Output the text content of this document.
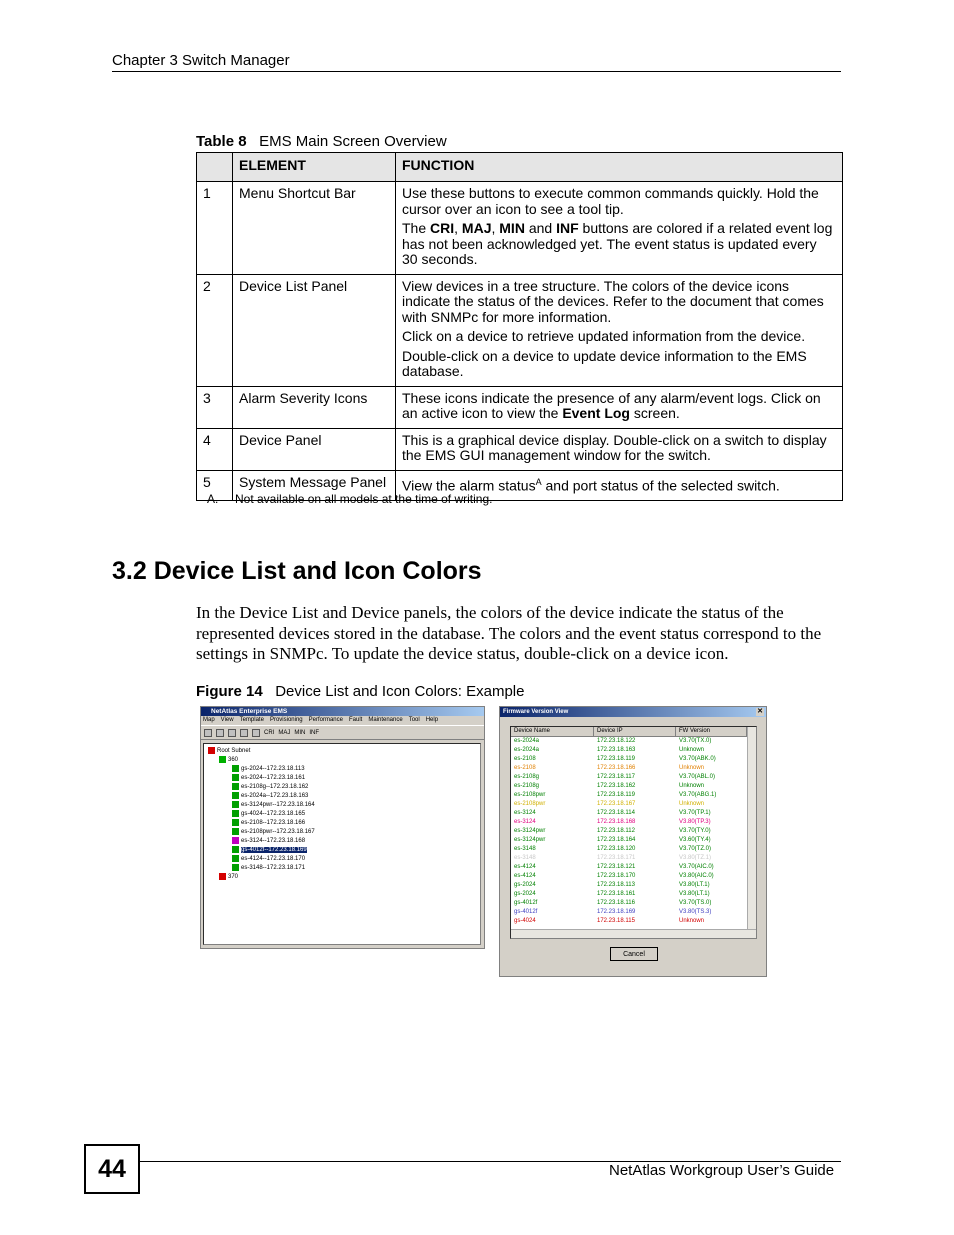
Chapter 3 Switch Manager
Table 8 EMS Main Screen Overview
	ELEMENT	FUNCTION
1	Menu Shortcut Bar	Use these buttons to execute common commands quickly. Hold the cursor over an icon to see a tool tip.

The CRI, MAJ, MIN and INF buttons are colored if a related event log has not been acknowledged yet. The event status is updated every 30 seconds.

2	Device List Panel	View devices in a tree structure. The colors of the device icons indicate the status of the devices. Refer to the document that comes with SNMPc for more information.

Click on a device to retrieve updated information from the device.

Double-click on a device to update device information to the EMS database.

3	Alarm Severity Icons	These icons indicate the presence of any alarm/event logs. Click on an active icon to view the Event Log screen.

4	Device Panel	This is a graphical device display. Double-click on a switch to display the EMS GUI management window for the switch.

5	System Message Panel	View the alarm status$^A$ and port status of the selected switch.

A. Not available on all models at the time of writing.
3.2 Device List and Icon Colors
In the Device List and Device panels, the colors of the device indicate the status of the represented devices stored in the database. The colors and the event status correspond to the settings in SNMPc. To update the device status, double-click on a device icon.
Figure 14 Device List and Icon Colors: Example
NetAtlas Enterprise EMS
Map View Template Provisioning Performance Fault Maintenance Tool Help
CRI MAJ MIN INF
Root Subnet
360
gs-2024--172.23.18.113
es-2024--172.23.18.161
es-2108g--172.23.18.162
es-2024a--172.23.18.163
es-3124pwr--172.23.18.164
gs-4024--172.23.18.165
es-2108--172.23.18.166
es-2108pwr--172.23.18.167
es-3124--172.23.18.168
gs-4012f--172.23.18.169
es-4124--172.23.18.170
es-3148--172.23.18.171
370
Firmware Version View	✕
Device Name	Device IP	FW Version
es-2024a	172.23.18.122	V3.70(TX.0)
es-2024a	172.23.18.163	Unknown
es-2108	172.23.18.119	V3.70(ABK.0)
es-2108	172.23.18.166	Unknown
es-2108g	172.23.18.117	V3.70(ABL.0)
es-2108g	172.23.18.162	Unknown
es-2108pwr	172.23.18.119	V3.70(ABG.1)
es-2108pwr	172.23.18.167	Unknown
es-3124	172.23.18.114	V3.70(TP.1)
es-3124	172.23.18.168	V3.80(TP.3)
es-3124pwr	172.23.18.112	V3.70(TY.0)
es-3124pwr	172.23.18.164	V3.60(TY.4)
es-3148	172.23.18.120	V3.70(TZ.0)
es-3148	172.23.18.171	V3.80(TZ.1)
es-4124	172.23.18.121	V3.70(AIC.0)
es-4124	172.23.18.170	V3.80(AIC.0)
gs-2024	172.23.18.113	V3.80(LT.1)
gs-2024	172.23.18.161	V3.80(LT.1)
gs-4012f	172.23.18.116	V3.70(TS.0)
gs-4012f	172.23.18.169	V3.80(TS.3)
gs-4024	172.23.18.115	Unknown
Cancel
44	NetAtlas Workgroup User’s Guide
